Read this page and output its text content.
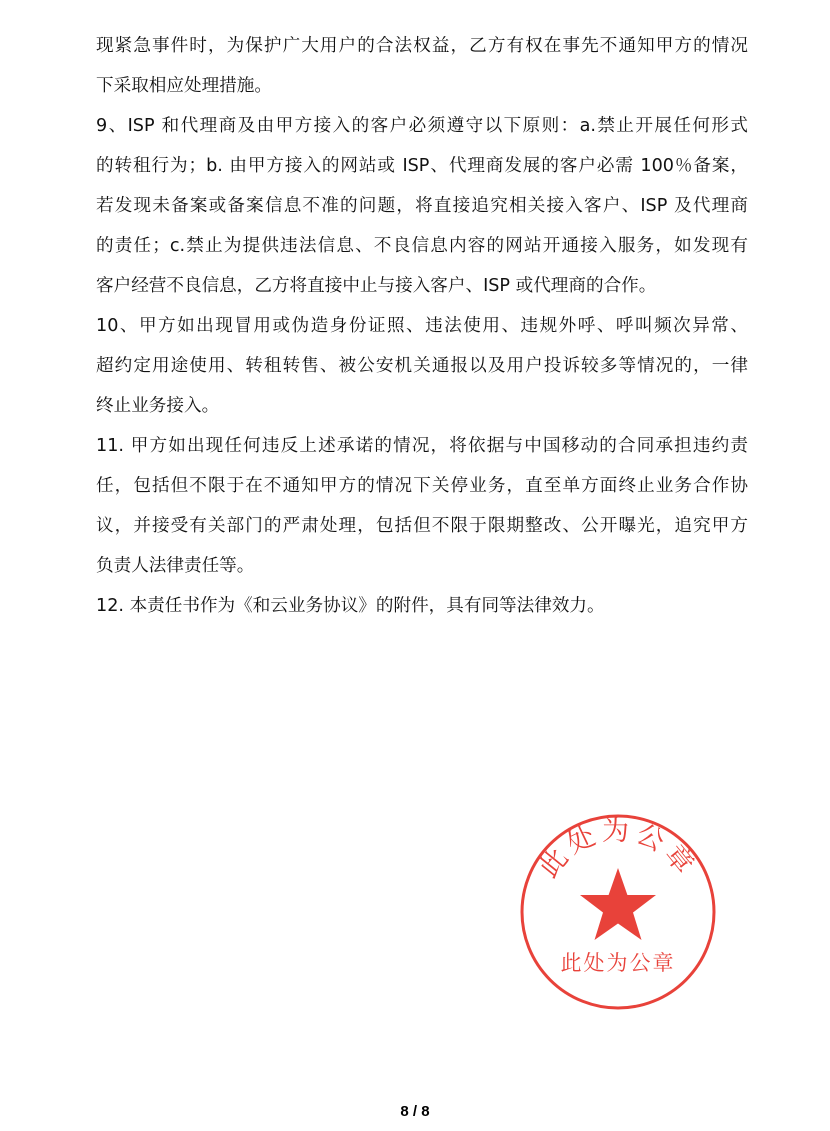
现紧急事件时，为保护广大用户的合法权益，乙方有权在事先不通知甲方的情况
下采取相应处理措施。
9、ISP 和代理商及由甲方接入的客户必须遵守以下原则：a.禁止开展任何形式
的转租行为；b. 由甲方接入的网站或 ISP、代理商发展的客户必需 100％备案，
若发现未备案或备案信息不准的问题，将直接追究相关接入客户、ISP 及代理商
的责任；c.禁止为提供违法信息、不良信息内容的网站开通接入服务，如发现有
客户经营不良信息，乙方将直接中止与接入客户、ISP 或代理商的合作。
10、甲方如出现冒用或伪造身份证照、违法使用、违规外呼、呼叫频次异常、
超约定用途使用、转租转售、被公安机关通报以及用户投诉较多等情况的，一律
终止业务接入。
11. 甲方如出现任何违反上述承诺的情况，将依据与中国移动的合同承担违约责
任，包括但不限于在不通知甲方的情况下关停业务，直至单方面终止业务合作协
议，并接受有关部门的严肃处理，包括但不限于限期整改、公开曝光，追究甲方
负责人法律责任等。
12. 本责任书作为《和云业务协议》的附件，具有同等法律效力。
此处为公章
此处为公章
8 / 8
